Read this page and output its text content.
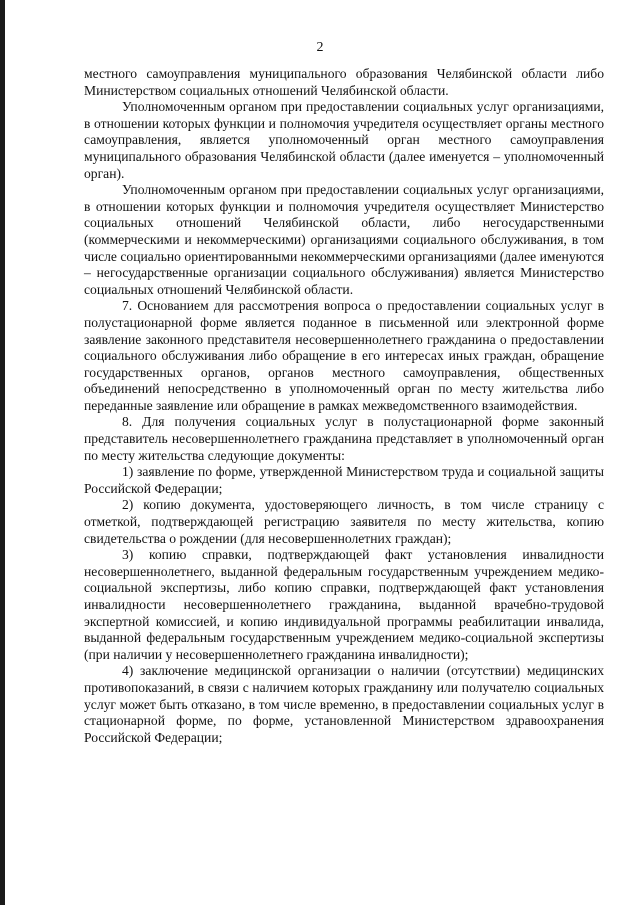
2

местного самоуправления муниципального образования Челябинской области либо Министерством социальных отношений Челябинской области.

Уполномоченным органом при предоставлении социальных услуг организациями, в отношении которых функции и полномочия учредителя осуществляет органы местного самоуправления, является уполномоченный орган местного самоуправления муниципального образования Челябинской области (далее именуется – уполномоченный орган).

Уполномоченным органом при предоставлении социальных услуг организациями, в отношении которых функции и полномочия учредителя осуществляет Министерство социальных отношений Челябинской области, либо негосударственными (коммерческими и некоммерческими) организациями социального обслуживания, в том числе социально ориентированными некоммерческими организациями (далее именуются – негосударственные организации социального обслуживания) является Министерство социальных отношений Челябинской области.

7. Основанием для рассмотрения вопроса о предоставлении социальных услуг в полустационарной форме является поданное в письменной или электронной форме заявление законного представителя несовершеннолетнего гражданина о предоставлении социального обслуживания либо обращение в его интересах иных граждан, обращение государственных органов, органов местного самоуправления, общественных объединений непосредственно в уполномоченный орган по месту жительства либо переданные заявление или обращение в рамках межведомственного взаимодействия.

8. Для получения социальных услуг в полустационарной форме законный представитель несовершеннолетнего гражданина представляет в уполномоченный орган по месту жительства следующие документы:

1) заявление по форме, утвержденной Министерством труда и социальной защиты Российской Федерации;

2) копию документа, удостоверяющего личность, в том числе страницу с отметкой, подтверждающей регистрацию заявителя по месту жительства, копию свидетельства о рождении (для несовершеннолетних граждан);

3) копию справки, подтверждающей факт установления инвалидности несовершеннолетнего, выданной федеральным государственным учреждением медико-социальной экспертизы, либо копию справки, подтверждающей факт установления инвалидности несовершеннолетнего гражданина, выданной врачебно-трудовой экспертной комиссией, и копию индивидуальной программы реабилитации инвалида, выданной федеральным государственным учреждением медико-социальной экспертизы (при наличии у несовершеннолетнего гражданина инвалидности);

4) заключение медицинской организации о наличии (отсутствии) медицинских противопоказаний, в связи с наличием которых гражданину или получателю социальных услуг может быть отказано, в том числе временно, в предоставлении социальных услуг в стационарной форме, по форме, установленной Министерством здравоохранения Российской Федерации;
